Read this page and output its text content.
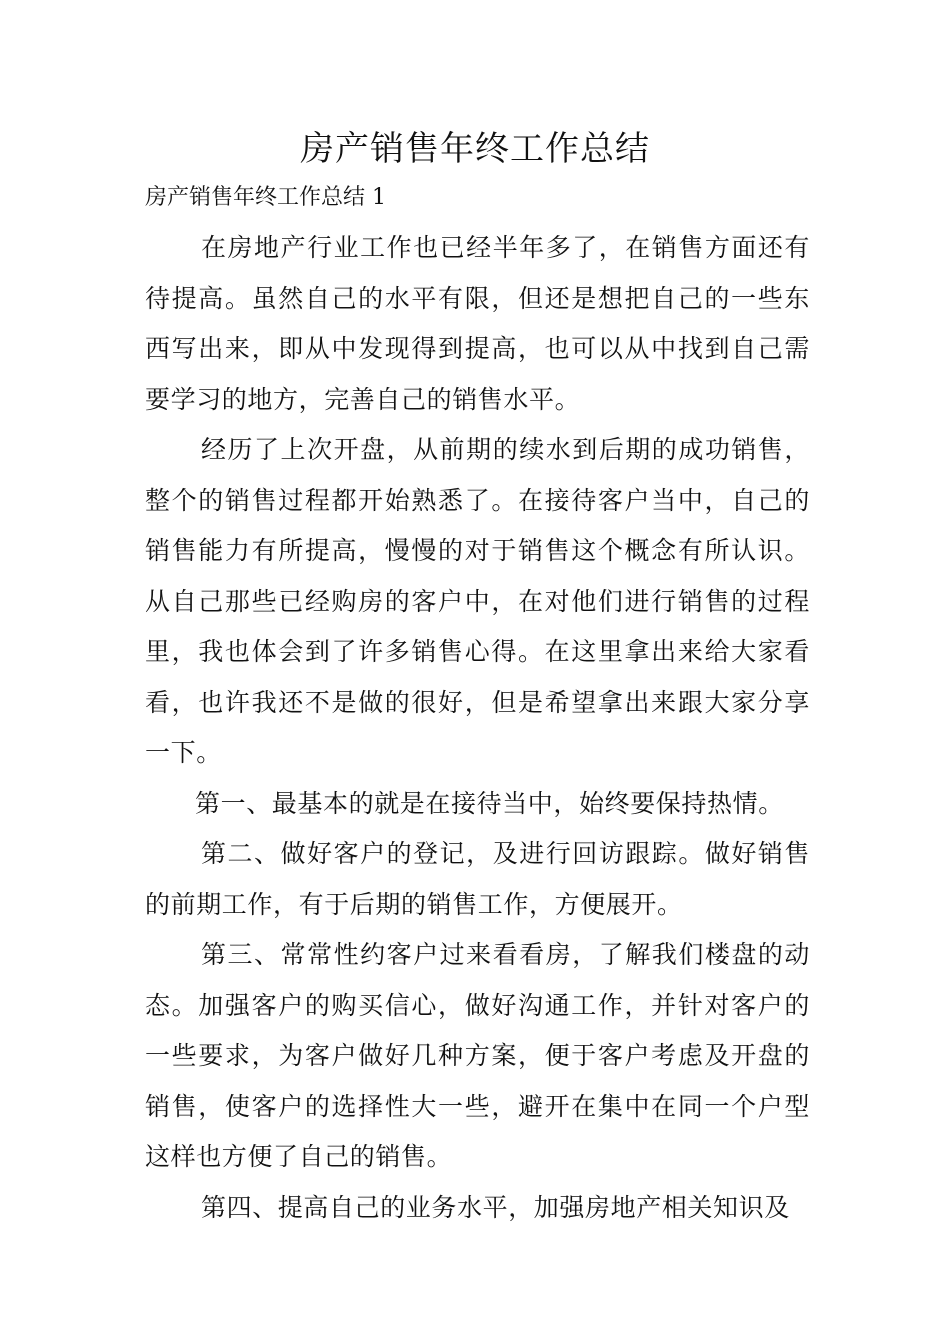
房产销售年终工作总结
房产销售年终工作总结 1

在房地产行业工作也已经半年多了，在销售方面还有待提高。虽然自己的水平有限，但还是想把自己的一些东西写出来，即从中发现得到提高，也可以从中找到自己需要学习的地方，完善自己的销售水平。

经历了上次开盘，从前期的续水到后期的成功销售，整个的销售过程都开始熟悉了。在接待客户当中，自己的销售能力有所提高，慢慢的对于销售这个概念有所认识。从自己那些已经购房的客户中，在对他们进行销售的过程里，我也体会到了许多销售心得。在这里拿出来给大家看看，也许我还不是做的很好，但是希望拿出来跟大家分享一下。

第一、最基本的就是在接待当中，始终要保持热情。

第二、做好客户的登记，及进行回访跟踪。做好销售的前期工作，有于后期的销售工作，方便展开。

第三、常常性约客户过来看看房，了解我们楼盘的动态。加强客户的购买信心，做好沟通工作，并针对客户的一些要求，为客户做好几种方案，便于客户考虑及开盘的销售，使客户的选择性大一些，避开在集中在同一个户型这样也方便了自己的销售。

第四、提高自己的业务水平，加强房地产相关知识及
